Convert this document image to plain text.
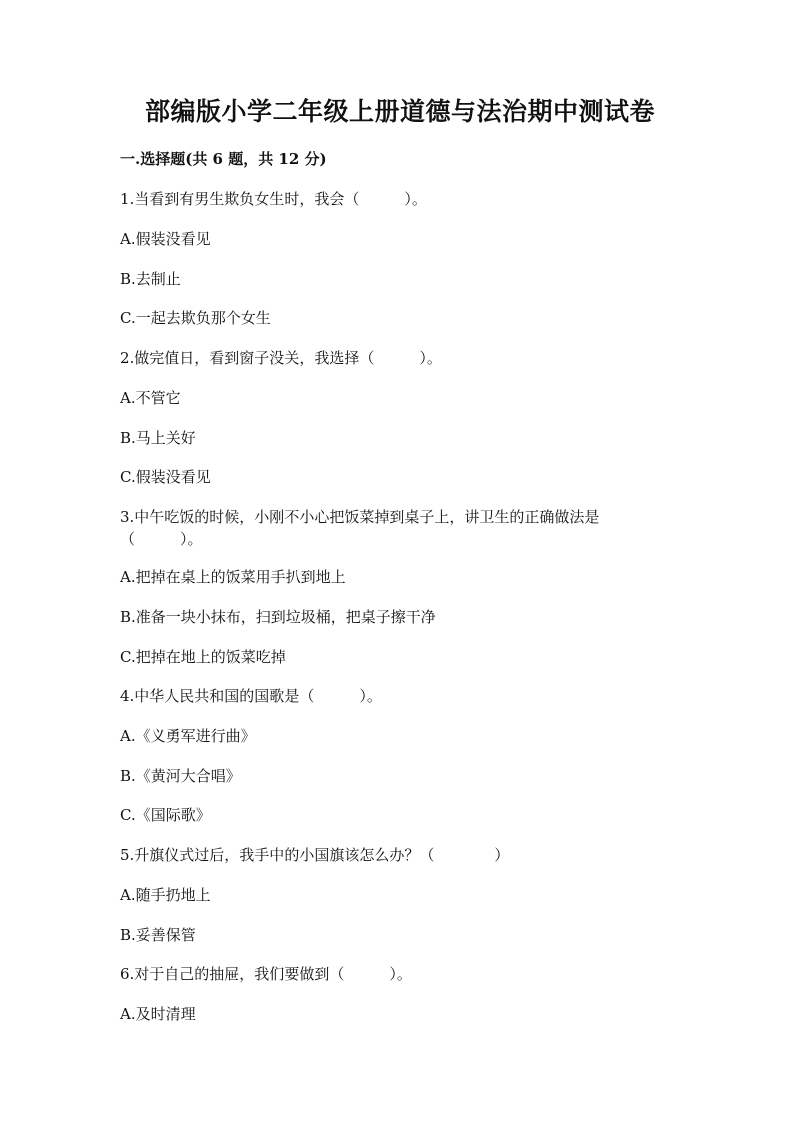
部编版小学二年级上册道德与法治期中测试卷
一.选择题(共 6 题，共 12 分)
1.当看到有男生欺负女生时，我会（　　　）。
A.假装没看见
B.去制止
C.一起去欺负那个女生
2.做完值日，看到窗子没关，我选择（　　　）。
A.不管它
B.马上关好
C.假装没看见
3.中午吃饭的时候，小刚不小心把饭菜掉到桌子上，讲卫生的正确做法是（　　　）。
A.把掉在桌上的饭菜用手扒到地上
B.准备一块小抹布，扫到垃圾桶，把桌子擦干净
C.把掉在地上的饭菜吃掉
4.中华人民共和国的国歌是（　　　）。
A.《义勇军进行曲》
B.《黄河大合唱》
C.《国际歌》
5.升旗仪式过后，我手中的小国旗该怎么办？（　　　　）
A.随手扔地上
B.妥善保管
6.对于自己的抽屉，我们要做到（　　　）。
A.及时清理
